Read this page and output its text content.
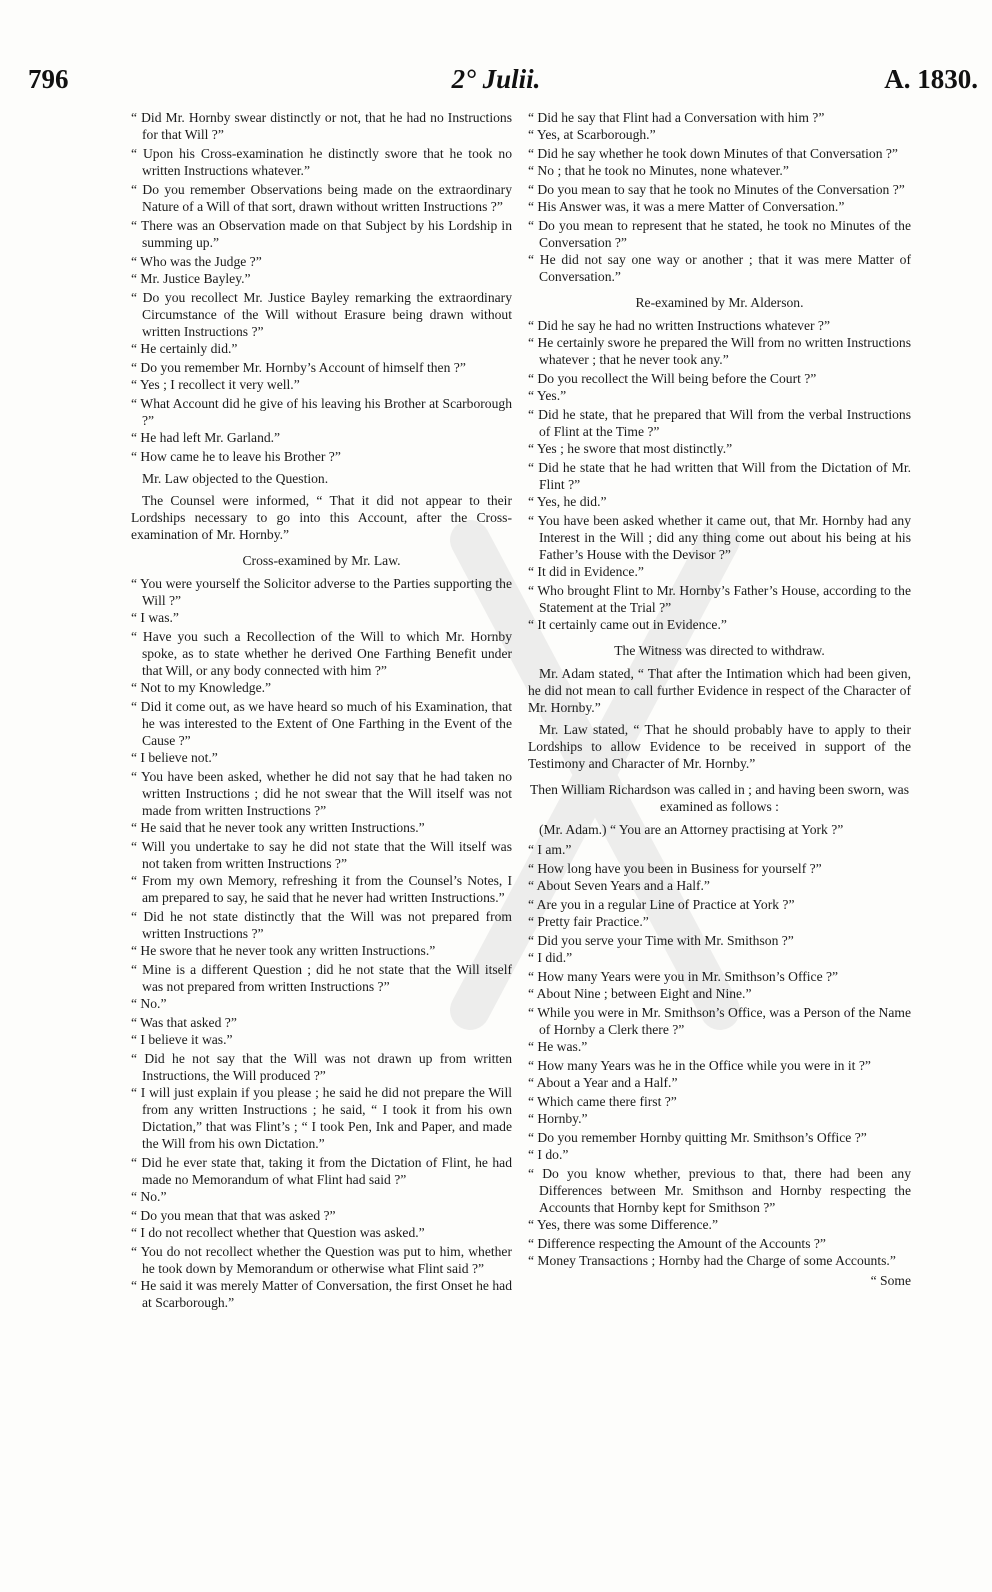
796	2° Julii.	A. 1830.

“ Did Mr. Hornby swear distinctly or not, that he had no Instructions for that Will ?”

“ Upon his Cross-examination he distinctly swore that he took no written Instructions whatever.”

“ Do you remember Observations being made on the extraordinary Nature of a Will of that sort, drawn without written Instructions ?”

“ There was an Observation made on that Subject by his Lordship in summing up.”

“ Who was the Judge ?”

“ Mr. Justice Bayley.”

“ Do you recollect Mr. Justice Bayley remarking the extraordinary Circumstance of the Will without Erasure being drawn without written Instructions ?”

“ He certainly did.”

“ Do you remember Mr. Hornby’s Account of himself then ?”

“ Yes ; I recollect it very well.”

“ What Account did he give of his leaving his Brother at Scarborough ?”

“ He had left Mr. Garland.”

“ How came he to leave his Brother ?”

Mr. Law objected to the Question.

The Counsel were informed, “ That it did not appear to their Lordships necessary to go into this Account, after the Cross-examination of Mr. Hornby.”

Cross-examined by Mr. Law.

“ You were yourself the Solicitor adverse to the Parties supporting the Will ?”

“ I was.”

“ Have you such a Recollection of the Will to which Mr. Hornby spoke, as to state whether he derived One Farthing Benefit under that Will, or any body connected with him ?”

“ Not to my Knowledge.”

“ Did it come out, as we have heard so much of his Examination, that he was interested to the Extent of One Farthing in the Event of the Cause ?”

“ I believe not.”

“ You have been asked, whether he did not say that he had taken no written Instructions ; did he not swear that the Will itself was not made from written Instructions ?”

“ He said that he never took any written Instructions.”

“ Will you undertake to say he did not state that the Will itself was not taken from written Instructions ?”

“ From my own Memory, refreshing it from the Counsel’s Notes, I am prepared to say, he said that he never had written Instructions.”

“ Did he not state distinctly that the Will was not prepared from written Instructions ?”

“ He swore that he never took any written Instructions.”

“ Mine is a different Question ; did he not state that the Will itself was not prepared from written Instructions ?”

“ No.”

“ Was that asked ?”

“ I believe it was.”

“ Did he not say that the Will was not drawn up from written Instructions, the Will produced ?”

“ I will just explain if you please ; he said he did not prepare the Will from any written Instructions ; he said, “ I took it from his own Dictation,” that was Flint’s ; “ I took Pen, Ink and Paper, and made the Will from his own Dictation.”

“ Did he ever state that, taking it from the Dictation of Flint, he had made no Memorandum of what Flint had said ?”

“ No.”

“ Do you mean that that was asked ?”

“ I do not recollect whether that Question was asked.”

“ You do not recollect whether the Question was put to him, whether he took down by Memorandum or otherwise what Flint said ?”

“ He said it was merely Matter of Conversation, the first Onset he had at Scarborough.”

“ Did he say that Flint had a Conversation with him ?”

“ Yes, at Scarborough.”

“ Did he say whether he took down Minutes of that Conversation ?”

“ No ; that he took no Minutes, none whatever.”

“ Do you mean to say that he took no Minutes of the Conversation ?”

“ His Answer was, it was a mere Matter of Conversation.”

“ Do you mean to represent that he stated, he took no Minutes of the Conversation ?”

“ He did not say one way or another ; that it was mere Matter of Conversation.”

Re-examined by Mr. Alderson.

“ Did he say he had no written Instructions whatever ?”

“ He certainly swore he prepared the Will from no written Instructions whatever ; that he never took any.”

“ Do you recollect the Will being before the Court ?”

“ Yes.”

“ Did he state, that he prepared that Will from the verbal Instructions of Flint at the Time ?”

“ Yes ; he swore that most distinctly.”

“ Did he state that he had written that Will from the Dictation of Mr. Flint ?”

“ Yes, he did.”

“ You have been asked whether it came out, that Mr. Hornby had any Interest in the Will ; did any thing come out about his being at his Father’s House with the Devisor ?”

“ It did in Evidence.”

“ Who brought Flint to Mr. Hornby’s Father’s House, according to the Statement at the Trial ?”

“ It certainly came out in Evidence.”

The Witness was directed to withdraw.

Mr. Adam stated, “ That after the Intimation which had been given, he did not mean to call further Evidence in respect of the Character of Mr. Hornby.”

Mr. Law stated, “ That he should probably have to apply to their Lordships to allow Evidence to be received in support of the Testimony and Character of Mr. Hornby.”

Then William Richardson was called in ; and having been sworn, was examined as follows :

(Mr. Adam.) “ You are an Attorney practising at York ?”

“ I am.”

“ How long have you been in Business for yourself ?”

“ About Seven Years and a Half.”

“ Are you in a regular Line of Practice at York ?”

“ Pretty fair Practice.”

“ Did you serve your Time with Mr. Smithson ?”

“ I did.”

“ How many Years were you in Mr. Smithson’s Office ?”

“ About Nine ; between Eight and Nine.”

“ While you were in Mr. Smithson’s Office, was a Person of the Name of Hornby a Clerk there ?”

“ He was.”

“ How many Years was he in the Office while you were in it ?”

“ About a Year and a Half.”

“ Which came there first ?”

“ Hornby.”

“ Do you remember Hornby quitting Mr. Smithson’s Office ?”

“ I do.”

“ Do you know whether, previous to that, there had been any Differences between Mr. Smithson and Hornby respecting the Accounts that Hornby kept for Smithson ?”

“ Yes, there was some Difference.”

“ Difference respecting the Amount of the Accounts ?”

“ Money Transactions ; Hornby had the Charge of some Accounts.”

“ Some
